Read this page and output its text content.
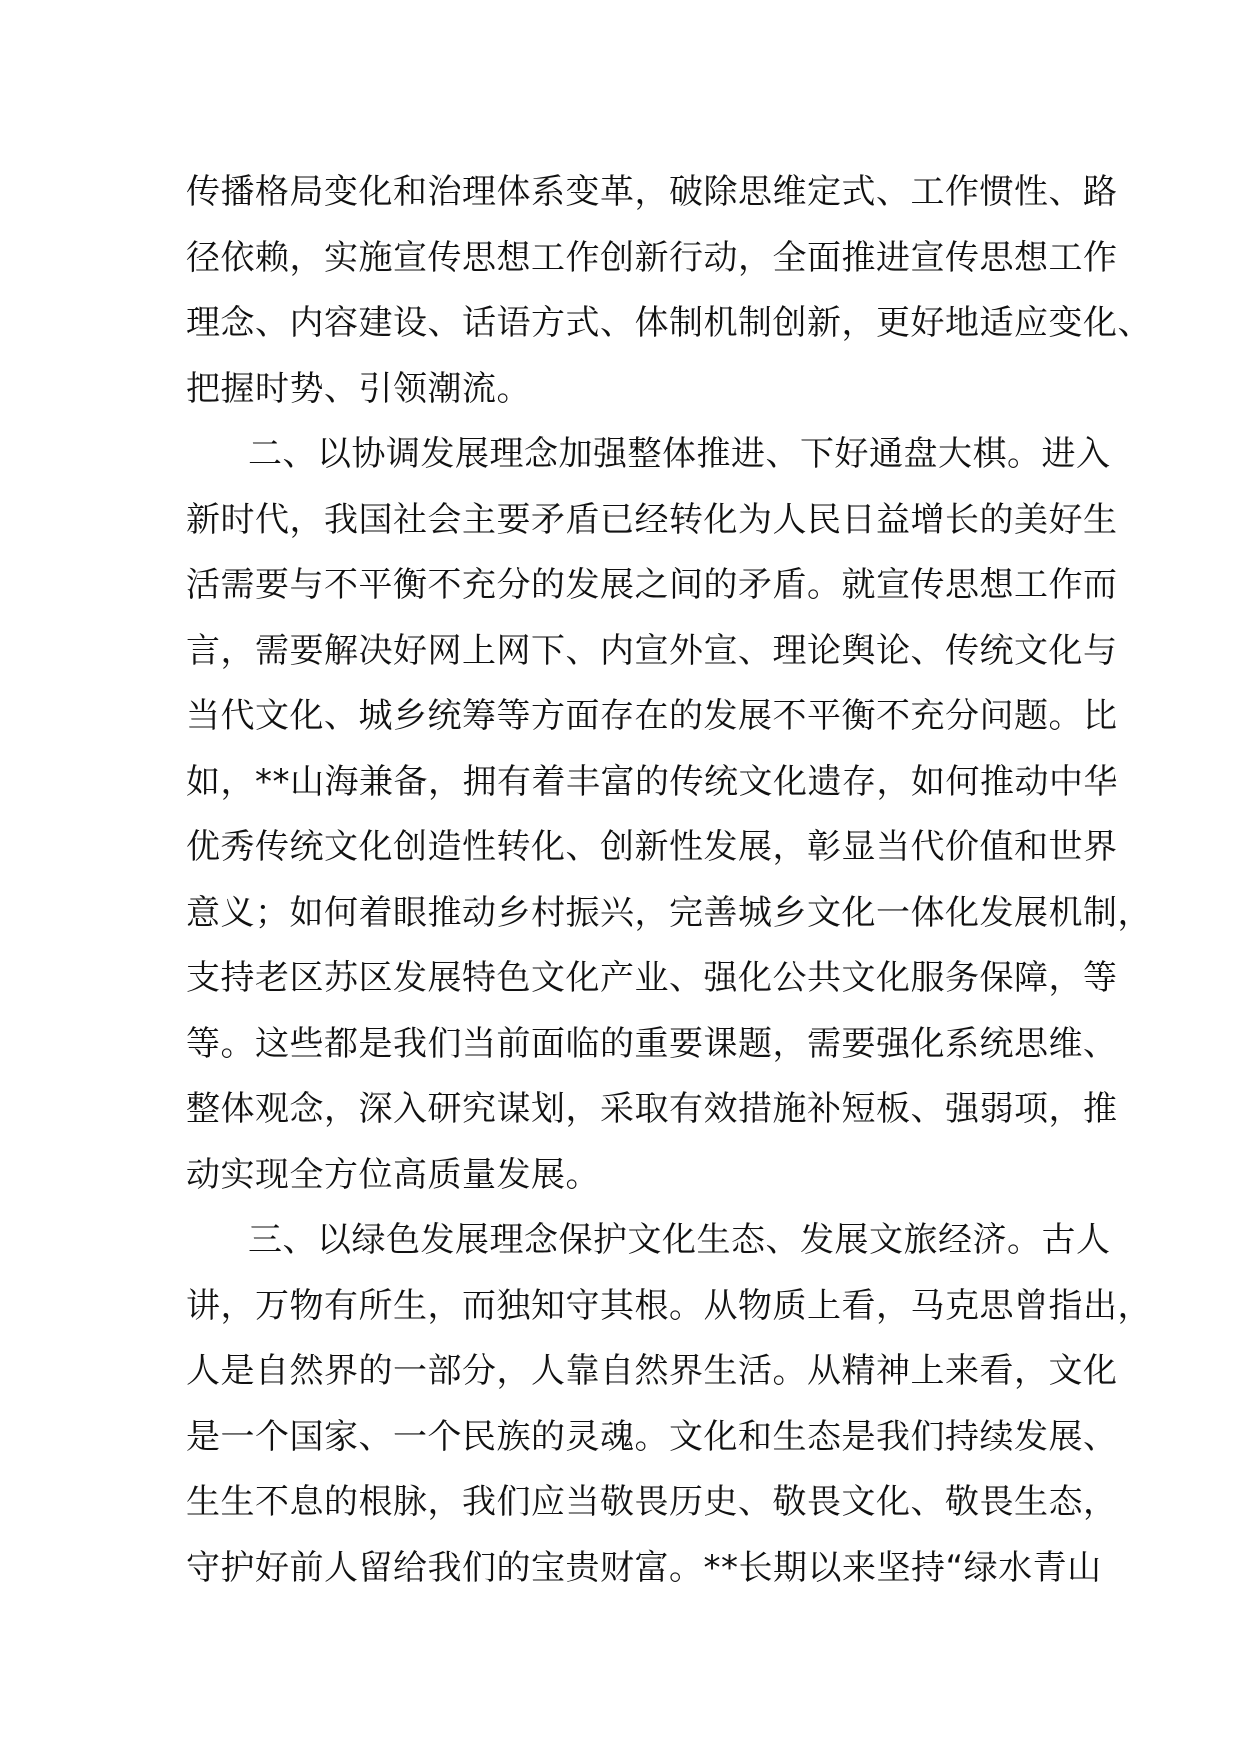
传播格局变化和治理体系变革，破除思维定式、工作惯性、路
径依赖，实施宣传思想工作创新行动，全面推进宣传思想工作
理念、内容建设、话语方式、体制机制创新，更好地适应变化、
把握时势、引领潮流。
二、以协调发展理念加强整体推进、下好通盘大棋。进入
新时代，我国社会主要矛盾已经转化为人民日益增长的美好生
活需要与不平衡不充分的发展之间的矛盾。就宣传思想工作而
言，需要解决好网上网下、内宣外宣、理论舆论、传统文化与
当代文化、城乡统筹等方面存在的发展不平衡不充分问题。比
如，**山海兼备，拥有着丰富的传统文化遗存，如何推动中华
优秀传统文化创造性转化、创新性发展，彰显当代价值和世界
意义；如何着眼推动乡村振兴，完善城乡文化一体化发展机制，
支持老区苏区发展特色文化产业、强化公共文化服务保障，等
等。这些都是我们当前面临的重要课题，需要强化系统思维、
整体观念，深入研究谋划，采取有效措施补短板、强弱项，推
动实现全方位高质量发展。
三、以绿色发展理念保护文化生态、发展文旅经济。古人
讲，万物有所生，而独知守其根。从物质上看，马克思曾指出，
人是自然界的一部分，人靠自然界生活。从精神上来看，文化
是一个国家、一个民族的灵魂。文化和生态是我们持续发展、
生生不息的根脉，我们应当敬畏历史、敬畏文化、敬畏生态，
守护好前人留给我们的宝贵财富。**长期以来坚持“绿水青山
